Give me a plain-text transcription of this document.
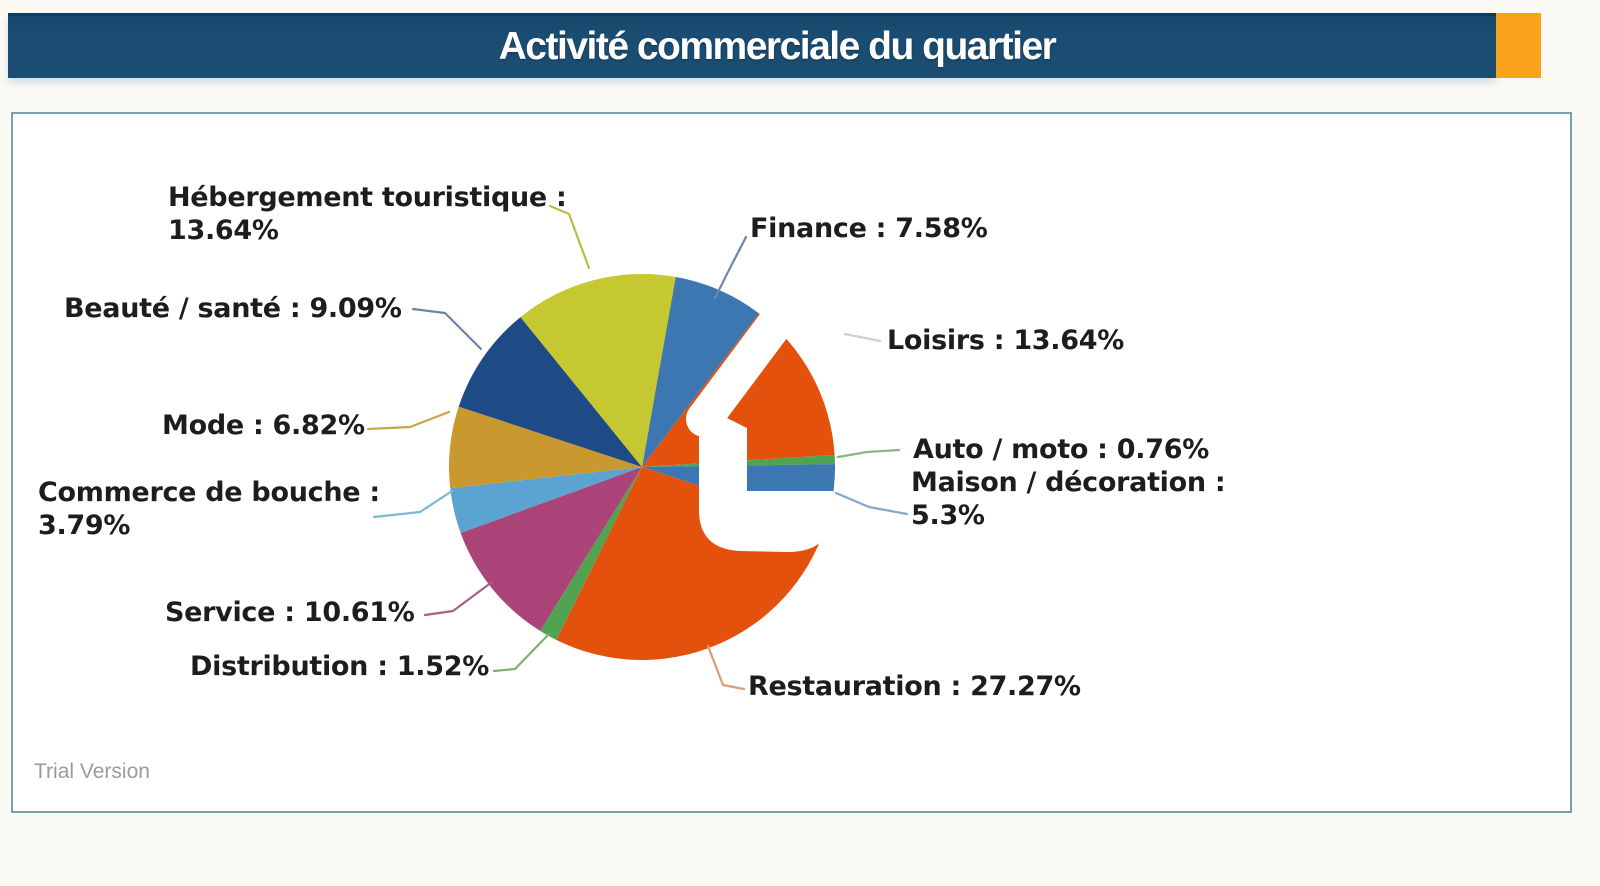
Activité commerciale du quartier
Finance : 7.58%
Loisirs : 13.64%
Auto / moto : 0.76%
Maison / décoration :
5.3%
Restauration : 27.27%
Distribution : 1.52%
Service : 10.61%
Commerce de bouche :
3.79%
Mode : 6.82%
Beauté / santé : 9.09%
Hébergement touristique :
13.64%
Trial Version
